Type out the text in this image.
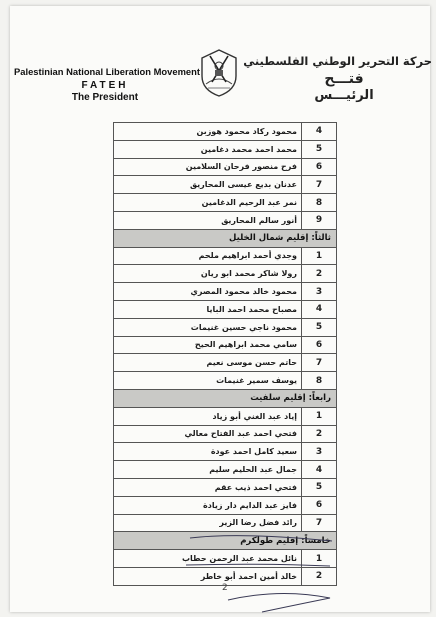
Palestinian National Liberation Movement
FATEH
The President
حركة التحرير الوطني الفلسطيني
فتـــح
الرئيـــس
محمود ركاد محمود هوزبن	4
محمد احمد محمد دغامين	5
فرح منصور فرحان السلامين	6
عدنان بديع عيسى المحاريق	7
نمر عبد الرحيم الدغامين	8
أنور سالم المحاريق	9
ثالثاً: إقليم شمال الخليل	
وجدي أحمد ابراهيم ملحم	1
رولا شاكر محمد ابو ريان	2
محمود خالد محمود المصري	3
مصباح محمد احمد البايا	4
محمود ناجي حسين غنيمات	5
سامي محمد ابراهيم الحيح	6
حاتم حسن موسى نعيم	7
يوسف سمير غنيمات	8
رابعاً: إقليم سلفيت	
إياد عبد الغني أبو زياد	1
فتحي احمد عبد الفتاح معالي	2
سعيد كامل احمد عودة	3
جمال عبد الحليم سليم	4
فتحي احمد ذيب عقم	5
فايز عبد الدايم دار زيادة	6
رائد فضل رضا الزير	7
خامساً: إقليم طولكرم	
نائل محمد عبد الرحمن حطاب	1
خالد أمين احمد أبو خاطر	2
2
